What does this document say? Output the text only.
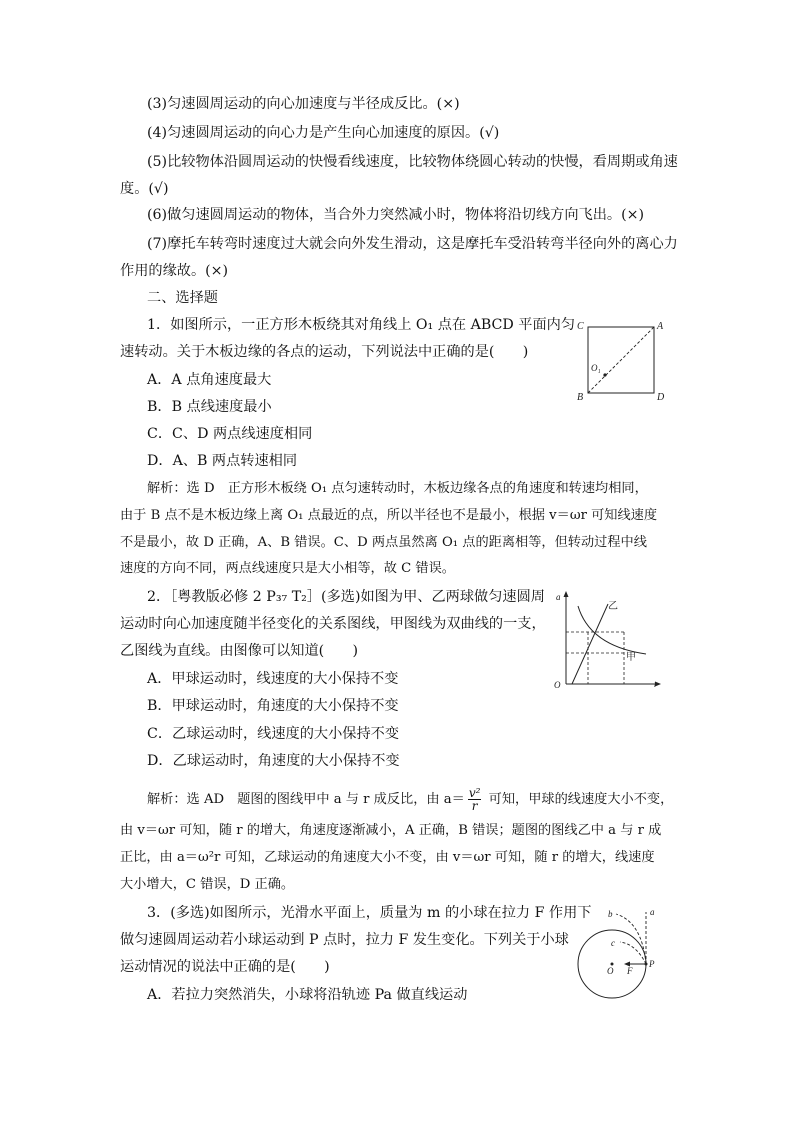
(3)匀速圆周运动的向心加速度与半径成反比。(×)
(4)匀速圆周运动的向心力是产生向心加速度的原因。(√)
(5)比较物体沿圆周运动的快慢看线速度，比较物体绕圆心转动的快慢，看周期或角速
度。(√)
(6)做匀速圆周运动的物体，当合外力突然减小时，物体将沿切线方向飞出。(×)
(7)摩托车转弯时速度过大就会向外发生滑动，这是摩托车受沿转弯半径向外的离心力
作用的缘故。(×)
二、选择题
1．如图所示，一正方形木板绕其对角线上 O₁ 点在 ABCD 平面内匀
速转动。关于木板边缘的各点的运动，下列说法中正确的是(　　)
A．A 点角速度最大
B．B 点线速度最小
C．C、D 两点线速度相同
D．A、B 两点转速相同
解析：选 D　正方形木板绕 O₁ 点匀速转动时，木板边缘各点的角速度和转速均相同，
由于 B 点不是木板边缘上离 O₁ 点最近的点，所以半径也不是最小，根据 v＝ωr 可知线速度
不是最小，故 D 正确，A、B 错误。C、D 两点虽然离 O₁ 点的距离相等，但转动过程中线
速度的方向不同，两点线速度只是大小相等，故 C 错误。
C	A
O₁
B	D
2．［粤教版必修 2 P₃₇ T₂］(多选)如图为甲、乙两球做匀速圆周
运动时向心加速度随半径变化的关系图线，甲图线为双曲线的一支，
乙图线为直线。由图像可以知道(　　)
A．甲球运动时，线速度的大小保持不变
B．甲球运动时，角速度的大小保持不变
C．乙球运动时，线速度的大小保持不变
D．乙球运动时，角速度的大小保持不变
解析：选 AD　题图的图线甲中 a 与 r 成反比，由 $a= \frac{\text{v²}}{r}$ 可知，甲球的线速度大小不变，
由 v＝ωr 可知，随 r 的增大，角速度逐渐减小，A 正确，B 错误；题图的图线乙中 a 与 r 成
正比，由 a＝ω²r 可知，乙球运动的角速度大小不变，由 v＝ωr 可知，随 r 的增大，线速度
大小增大，C 错误，D 正确。
a
r
O
乙
甲
3．(多选)如图所示，光滑水平面上，质量为 m 的小球在拉力 F 作用下
做匀速圆周运动若小球运动到 P 点时，拉力 F 发生变化。下列关于小球
运动情况的说法中正确的是(　　)
A．若拉力突然消失，小球将沿轨迹 Pa 做直线运动
b	a
c
O F
P
